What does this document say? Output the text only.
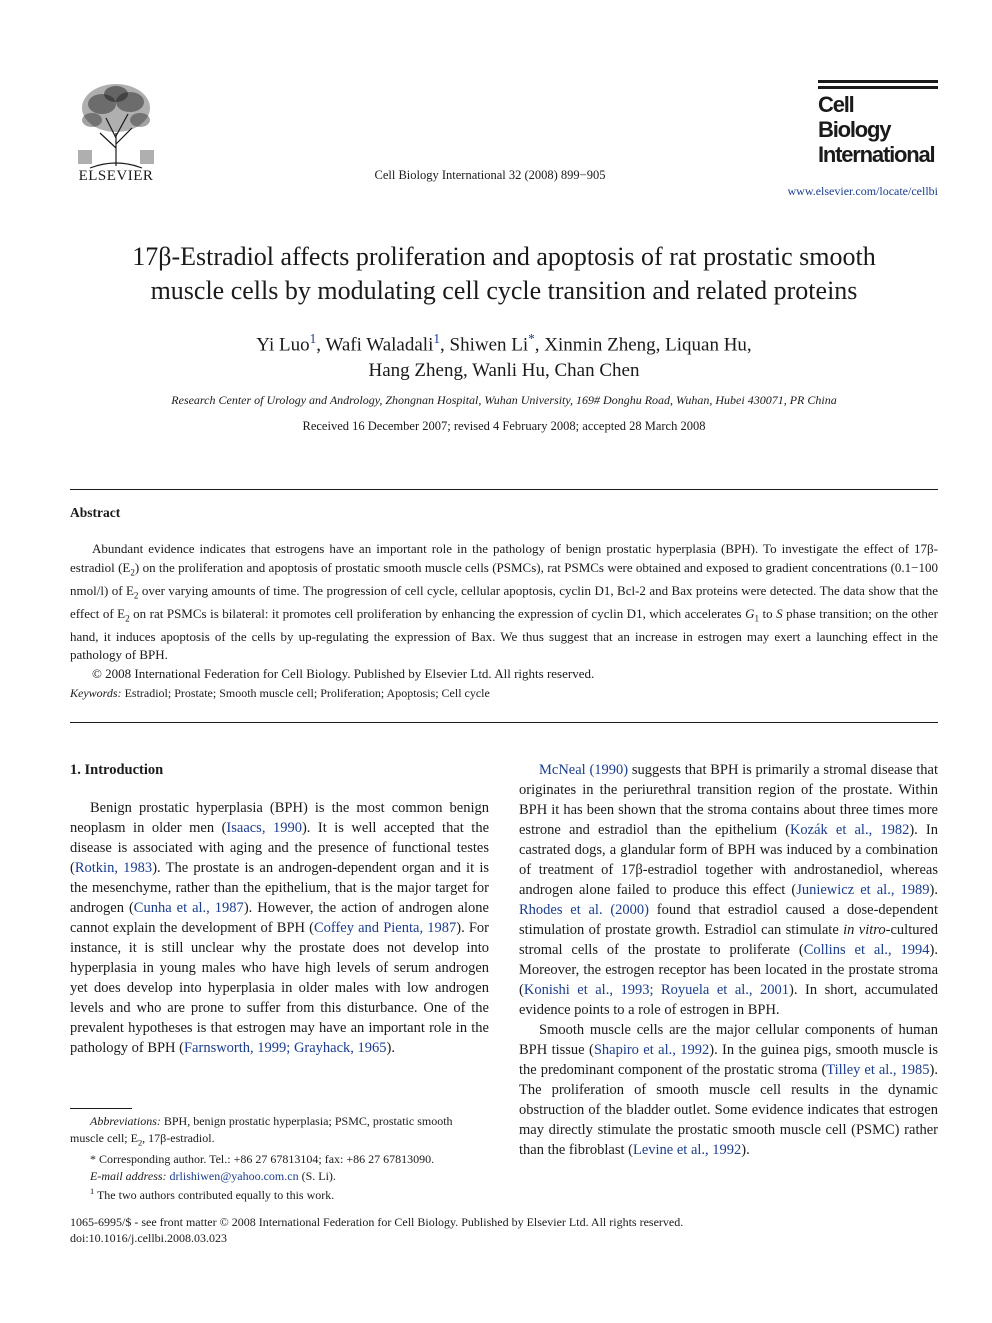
ELSEVIER	Cell Biology International 32 (2008) 899−905
Cell
Biology
International
www.elsevier.com/locate/cellbi
17β-Estradiol affects proliferation and apoptosis of rat prostatic smooth
muscle cells by modulating cell cycle transition and related proteins
Yi Luo$^1$, Wafi Waladali$^1$, Shiwen Li*, Xinmin Zheng, Liquan Hu,
Hang Zheng, Wanli Hu, Chan Chen
Research Center of Urology and Andrology, Zhongnan Hospital, Wuhan University, 169# Donghu Road, Wuhan, Hubei 430071, PR China
Received 16 December 2007; revised 4 February 2008; accepted 28 March 2008
Abstract

Abundant evidence indicates that estrogens have an important role in the pathology of benign prostatic hyperplasia (BPH). To investigate the effect of 17β-estradiol $(E_2)$ on the proliferation and apoptosis of prostatic smooth muscle cells (PSMCs), rat PSMCs were obtained and exposed to gradient concentrations (0.1−100 nmol/l) of $E_2$ over varying amounts of time. The progression of cell cycle, cellular apoptosis, cyclin D1, Bcl-2 and Bax proteins were detected. The data show that the effect of $E_2$ on rat PSMCs is bilateral: it promotes cell proliferation by enhancing the expression of cyclin D1, which accelerates $G_1$ to S phase transition; on the other hand, it induces apoptosis of the cells by up-regulating the expression of Bax. We thus suggest that an increase in estrogen may exert a launching effect in the pathology of BPH.

© 2008 International Federation for Cell Biology. Published by Elsevier Ltd. All rights reserved.

Keywords: Estradiol; Prostate; Smooth muscle cell; Proliferation; Apoptosis; Cell cycle

1. Introduction

Benign prostatic hyperplasia (BPH) is the most common benign neoplasm in older men (Isaacs, 1990). It is well accepted that the disease is associated with aging and the presence of functional testes (Rotkin, 1983). The prostate is an androgen-dependent organ and it is the mesenchyme, rather than the epithelium, that is the major target for androgen (Cunha et al., 1987). However, the action of androgen alone cannot explain the development of BPH (Coffey and Pienta, 1987). For instance, it is still unclear why the prostate does not develop into hyperplasia in young males who have high levels of serum androgen yet does develop into hyperplasia in older males with low androgen levels and who are prone to suffer from this disturbance. One of the prevalent hypotheses is that estrogen may have an important role in the pathology of BPH (Farnsworth, 1999; Grayhack, 1965).

McNeal (1990) suggests that BPH is primarily a stromal disease that originates in the periurethral transition region of the prostate. Within BPH it has been shown that the stroma contains about three times more estrone and estradiol than the epithelium (Kozák et al., 1982). In castrated dogs, a glandular form of BPH was induced by a combination of treatment of 17β-estradiol together with androstanediol, whereas androgen alone failed to produce this effect (Juniewicz et al., 1989). Rhodes et al. (2000) found that estradiol caused a dose-dependent stimulation of prostate growth. Estradiol can stimulate in vitro-cultured stromal cells of the prostate to proliferate (Collins et al., 1994). Moreover, the estrogen receptor has been located in the prostate stroma (Konishi et al., 1993; Royuela et al., 2001). In short, accumulated evidence points to a role of estrogen in BPH.

Smooth muscle cells are the major cellular components of human BPH tissue (Shapiro et al., 1992). In the guinea pigs, smooth muscle is the predominant component of the prostatic stroma (Tilley et al., 1985). The proliferation of smooth muscle cell results in the dynamic obstruction of the bladder outlet. Some evidence indicates that estrogen may directly stimulate the prostatic smooth muscle cell (PSMC) rather than the fibroblast (Levine et al., 1992).

Abbreviations: BPH, benign prostatic hyperplasia; PSMC, prostatic smooth muscle cell; $E_2$, 17β-estradiol.

* Corresponding author. Tel.: +86 27 67813104; fax: +86 27 67813090.

E-mail address: drlishiwen@yahoo.com.cn (S. Li).

$^1$ The two authors contributed equally to this work.

1065-6995/$ - see front matter © 2008 International Federation for Cell Biology. Published by Elsevier Ltd. All rights reserved.
doi:10.1016/j.cellbi.2008.03.023
